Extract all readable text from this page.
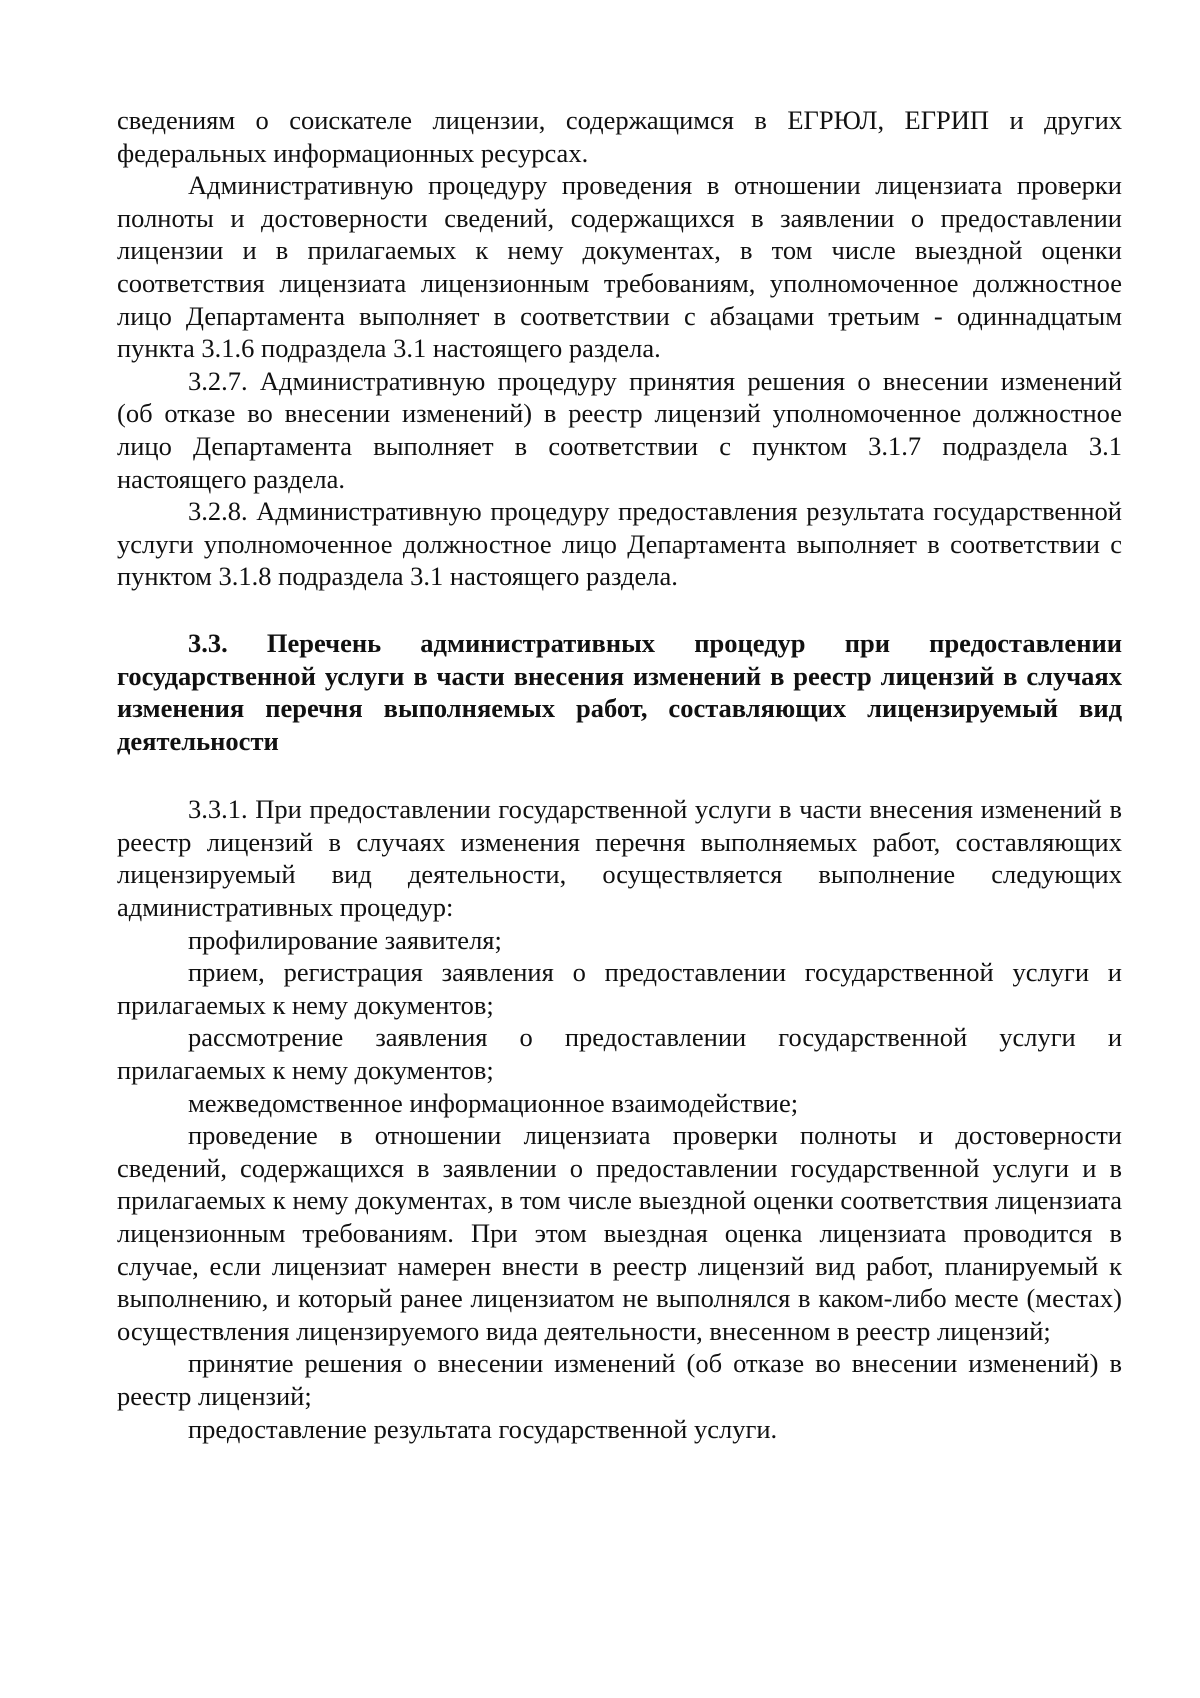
сведениям о соискателе лицензии, содержащимся в ЕГРЮЛ, ЕГРИП и других федеральных информационных ресурсах.

Административную процедуру проведения в отношении лицензиата проверки полноты и достоверности сведений, содержащихся в заявлении о предоставлении лицензии и в прилагаемых к нему документах, в том числе выездной оценки соответствия лицензиата лицензионным требованиям, уполномоченное должностное лицо Департамента выполняет в соответствии с абзацами третьим - одиннадцатым пункта 3.1.6 подраздела 3.1 настоящего раздела.

3.2.7. Административную процедуру принятия решения о внесении изменений (об отказе во внесении изменений) в реестр лицензий уполномоченное должностное лицо Департамента выполняет в соответствии с пунктом 3.1.7 подраздела 3.1 настоящего раздела.

3.2.8. Административную процедуру предоставления результата государственной услуги уполномоченное должностное лицо Департамента выполняет в соответствии с пунктом 3.1.8 подраздела 3.1 настоящего раздела.

3.3. Перечень административных процедур при предоставлении государственной услуги в части внесения изменений в реестр лицензий в случаях изменения перечня выполняемых работ, составляющих лицензируемый вид деятельности

3.3.1. При предоставлении государственной услуги в части внесения изменений в реестр лицензий в случаях изменения перечня выполняемых работ, составляющих лицензируемый вид деятельности, осуществляется выполнение следующих административных процедур:

профилирование заявителя;

прием, регистрация заявления о предоставлении государственной услуги и прилагаемых к нему документов;

рассмотрение заявления о предоставлении государственной услуги и прилагаемых к нему документов;

межведомственное информационное взаимодействие;

проведение в отношении лицензиата проверки полноты и достоверности сведений, содержащихся в заявлении о предоставлении государственной услуги и в прилагаемых к нему документах, в том числе выездной оценки соответствия лицензиата лицензионным требованиям. При этом выездная оценка лицензиата проводится в случае, если лицензиат намерен внести в реестр лицензий вид работ, планируемый к выполнению, и который ранее лицензиатом не выполнялся в каком-либо месте (местах) осуществления лицензируемого вида деятельности, внесенном в реестр лицензий;

принятие решения о внесении изменений (об отказе во внесении изменений) в реестр лицензий;

предоставление результата государственной услуги.
